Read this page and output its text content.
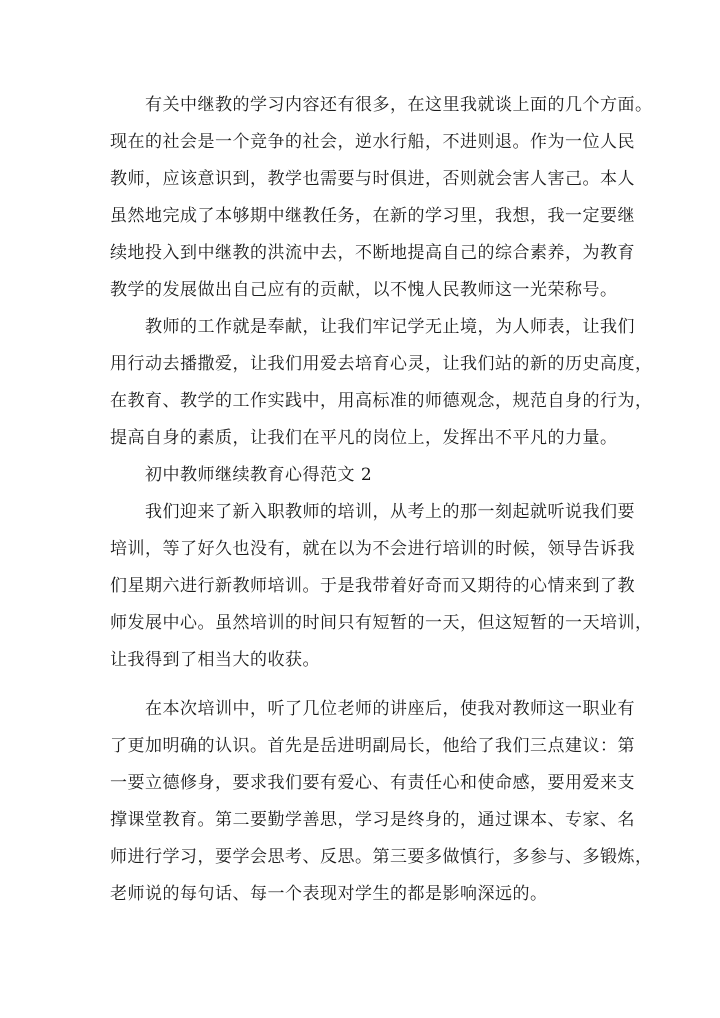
有关中继教的学习内容还有很多，在这里我就谈上面的几个方面。

现在的社会是一个竞争的社会，逆水行船，不进则退。作为一位人民

教师，应该意识到，教学也需要与时俱进，否则就会害人害己。本人

虽然地完成了本够期中继教任务，在新的学习里，我想，我一定要继

续地投入到中继教的洪流中去，不断地提高自己的综合素养，为教育

教学的发展做出自己应有的贡献，以不愧人民教师这一光荣称号。

教师的工作就是奉献，让我们牢记学无止境，为人师表，让我们

用行动去播撒爱，让我们用爱去培育心灵，让我们站的新的历史高度，

在教育、教学的工作实践中，用高标准的师德观念，规范自身的行为，

提高自身的素质，让我们在平凡的岗位上，发挥出不平凡的力量。

初中教师继续教育心得范文 2

我们迎来了新入职教师的培训，从考上的那一刻起就听说我们要

培训，等了好久也没有，就在以为不会进行培训的时候，领导告诉我

们星期六进行新教师培训。于是我带着好奇而又期待的心情来到了教

师发展中心。虽然培训的时间只有短暂的一天，但这短暂的一天培训，

让我得到了相当大的收获。

在本次培训中，听了几位老师的讲座后，使我对教师这一职业有

了更加明确的认识。首先是岳进明副局长，他给了我们三点建议：第

一要立德修身，要求我们要有爱心、有责任心和使命感，要用爱来支

撑课堂教育。第二要勤学善思，学习是终身的，通过课本、专家、名

师进行学习，要学会思考、反思。第三要多做慎行，多参与、多锻炼，

老师说的每句话、每一个表现对学生的都是影响深远的。
